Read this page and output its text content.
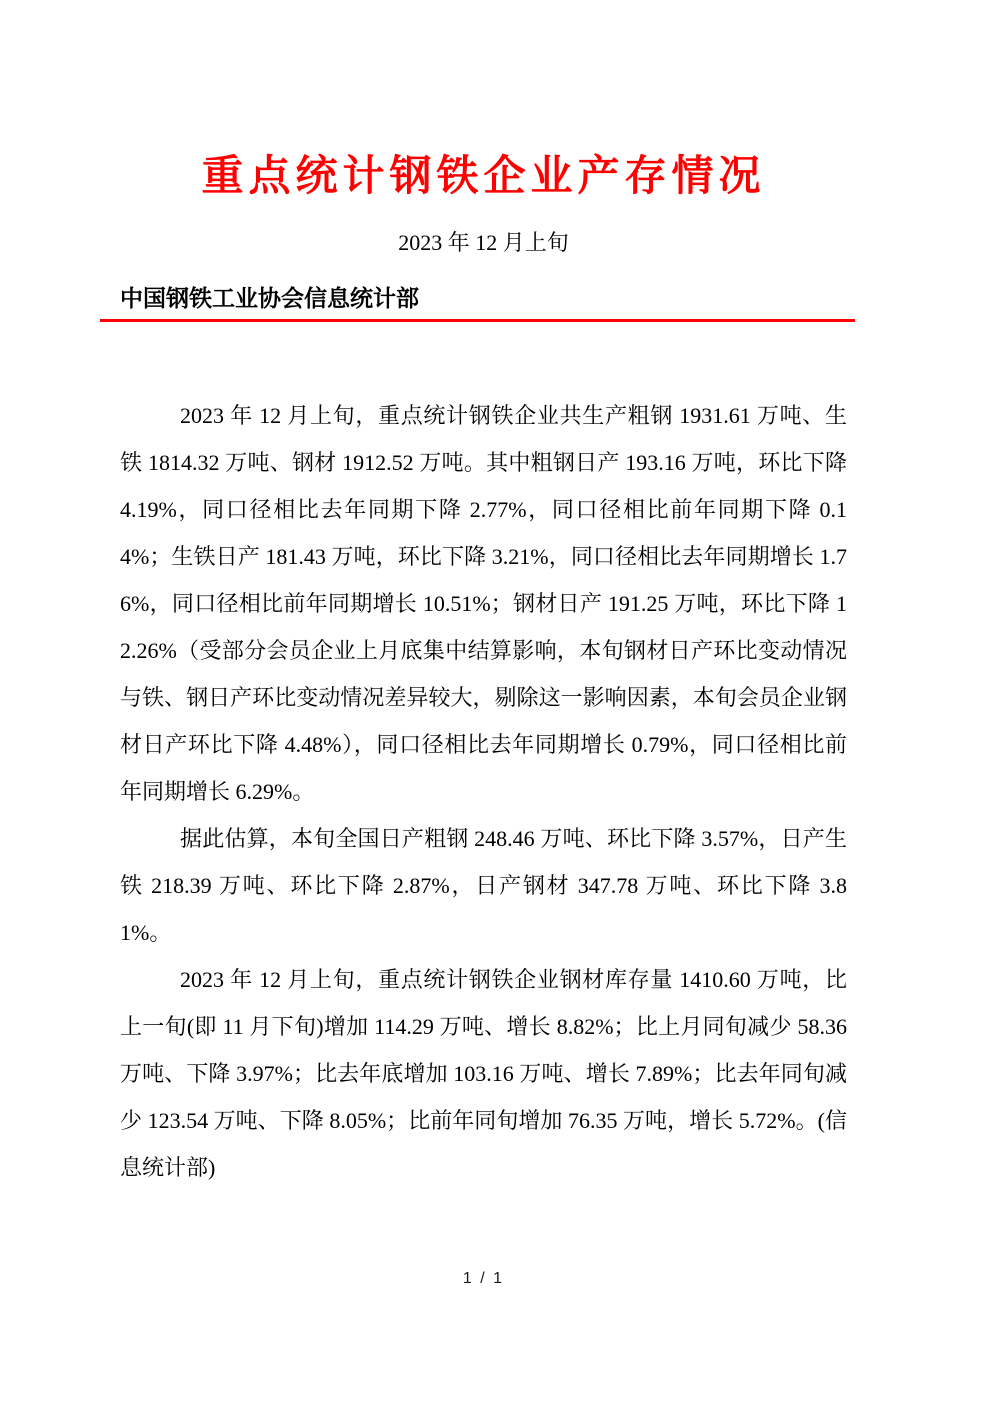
重点统计钢铁企业产存情况
2023 年 12 月上旬
中国钢铁工业协会信息统计部

2023 年 12 月上旬，重点统计钢铁企业共生产粗钢 1931.61 万吨、生铁 1814.32 万吨、钢材 1912.52 万吨。其中粗钢日产 193.16 万吨，环比下降 4.19%，同口径相比去年同期下降 2.77%，同口径相比前年同期下降 0.14%；生铁日产 181.43 万吨，环比下降 3.21%，同口径相比去年同期增长 1.76%，同口径相比前年同期增长 10.51%；钢材日产 191.25 万吨，环比下降 12.26%（受部分会员企业上月底集中结算影响，本旬钢材日产环比变动情况与铁、钢日产环比变动情况差异较大，剔除这一影响因素，本旬会员企业钢材日产环比下降 4.48%），同口径相比去年同期增长 0.79%，同口径相比前年同期增长 6.29%。

据此估算，本旬全国日产粗钢 248.46 万吨、环比下降 3.57%，日产生铁 218.39 万吨、环比下降 2.87%，日产钢材 347.78 万吨、环比下降 3.81%。

2023 年 12 月上旬，重点统计钢铁企业钢材库存量 1410.60 万吨，比上一旬(即 11 月下旬)增加 114.29 万吨、增长 8.82%；比上月同旬减少 58.36 万吨、下降 3.97%；比去年底增加 103.16 万吨、增长 7.89%；比去年同旬减少 123.54 万吨、下降 8.05%；比前年同旬增加 76.35 万吨，增长 5.72%。(信息统计部)

1 / 1
